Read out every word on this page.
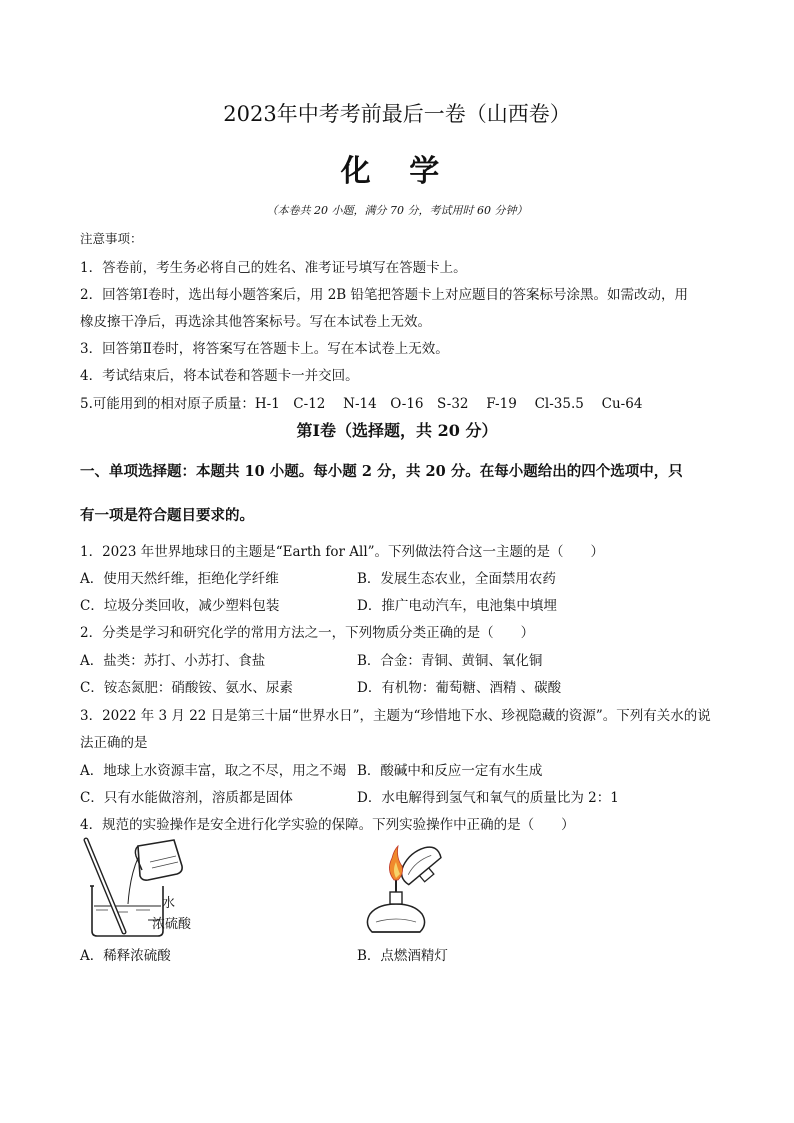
2023年中考考前最后一卷（山西卷）
化 学
（本卷共 20 小题，满分 70 分，考试用时 60 分钟）
注意事项：
1．答卷前，考生务必将自己的姓名、准考证号填写在答题卡上。
2．回答第Ⅰ卷时，选出每小题答案后，用 2B 铅笔把答题卡上对应题目的答案标号涂黑。如需改动，用
橡皮擦干净后，再选涂其他答案标号。写在本试卷上无效。
3．回答第Ⅱ卷时，将答案写在答题卡上。写在本试卷上无效。
4．考试结束后，将本试卷和答题卡一并交回。
5.可能用到的相对原子质量：H-1　C-12　 N-14　O-16　S-32　 F-19　 Cl-35.5　 Cu-64
第Ⅰ卷（选择题，共 20 分）
一、单项选择题：本题共 10 小题。每小题 2 分，共 20 分。在每小题给出的四个选项中，只
有一项是符合题目要求的。
1．2023 年世界地球日的主题是“Earth for All”。下列做法符合这一主题的是（　　）
A．使用天然纤维，拒绝化学纤维	B．发展生态农业，全面禁用农药
C．垃圾分类回收，减少塑料包装	D．推广电动汽车，电池集中填埋
2．分类是学习和研究化学的常用方法之一，下列物质分类正确的是（　　）
A．盐类：苏打、小苏打、食盐	B．合金：青铜、黄铜、氧化铜
C．铵态氮肥：硝酸铵、氨水、尿素	D．有机物：葡萄糖、酒精 、碳酸
3．2022 年 3 月 22 日是第三十届“世界水日”，主题为“珍惜地下水、珍视隐藏的资源”。下列有关水的说
法正确的是
A．地球上水资源丰富，取之不尽，用之不竭 B．酸碱中和反应一定有水生成
C．只有水能做溶剂，溶质都是固体	D．水电解得到氢气和氧气的质量比为 2：1
4．规范的实验操作是安全进行化学实验的保障。下列实验操作中正确的是（　　）
水
浓硫酸
A．稀释浓硫酸	B．点燃酒精灯
